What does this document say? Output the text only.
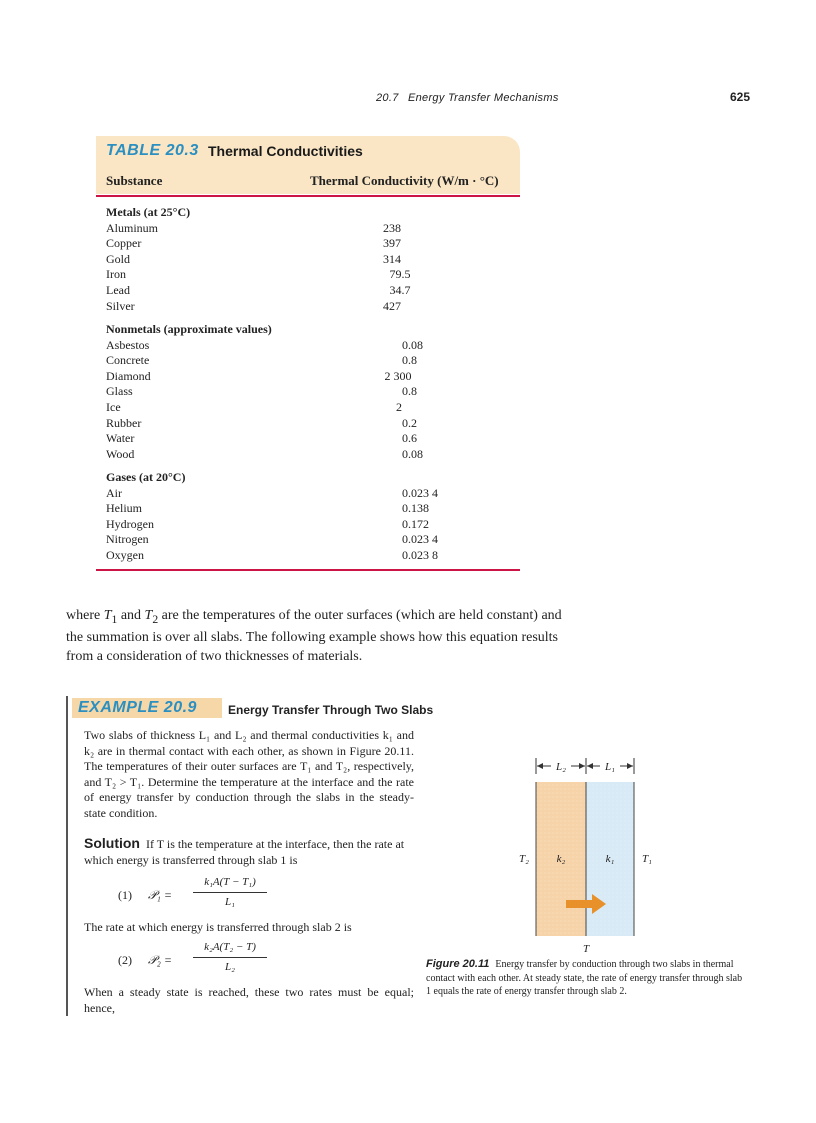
20.7 Energy Transfer Mechanisms	625
TABLE 20.3 Thermal Conductivities
Substance	Thermal Conductivity (W/m · °C)
Metals (at 25°C)
Aluminum	238
Copper	397
Gold	314
Iron	79.5
Lead	34.7
Silver	427
Nonmetals (approximate values)
Asbestos	0.08
Concrete	0.8
Diamond	2 300
Glass	0.8
Ice	2
Rubber	0.2
Water	0.6
Wood	0.08
Gases (at 20°C)
Air	0.023 4
Helium	0.138
Hydrogen	0.172
Nitrogen	0.023 4
Oxygen	0.023 8
where $T_1$ and $T_2$ are the temperatures of the outer surfaces (which are held constant) and the summation is over all slabs. The following example shows how this equation results from a consideration of two thicknesses of materials.
EXAMPLE 20.9	Energy Transfer Through Two Slabs
Two slabs of thickness L₁ and L₂ and thermal conductivities k₁ and k₂ are in thermal contact with each other, as shown in Figure 20.11. The temperatures of their outer surfaces are T₁ and T₂, respectively, and T₂ > T₁. Determine the temperature at the interface and the rate of energy transfer by conduction through the slabs in the steady-state condition.
Solution If T is the temperature at the interface, then the rate at which energy is transferred through slab 1 is
(1) 𝒫₁ =
k₁A(T − T₁)
L₁
The rate at which energy is transferred through slab 2 is
(2) 𝒫₂ =
k₂A(T₂ − T)
L₂
When a steady state is reached, these two rates must be equal; hence,
L₂	L₁
T₂	k₂	k₁	T₁
T
Figure 20.11 Energy transfer by conduction through two slabs in thermal contact with each other. At steady state, the rate of energy transfer through slab 1 equals the rate of energy transfer through slab 2.
